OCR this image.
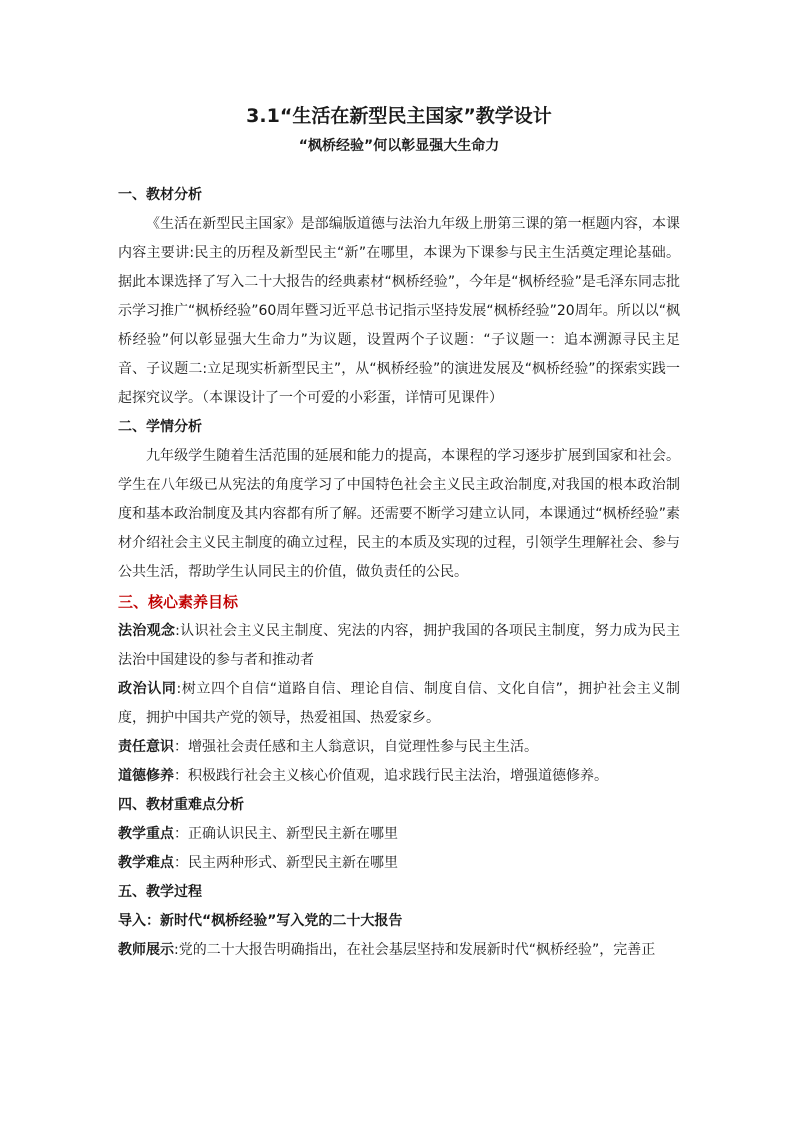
3.1“生活在新型民主国家”教学设计
“枫桥经验”何以彰显强大生命力

一、教材分析

《生活在新型民主国家》是部编版道德与法治九年级上册第三课的第一框题内容，本课内容主要讲:民主的历程及新型民主“新”在哪里，本课为下课参与民主生活奠定理论基础。据此本课选择了写入二十大报告的经典素材“枫桥经验”，今年是“枫桥经验”是毛泽东同志批示学习推广“枫桥经验”60周年暨习近平总书记指示坚持发展“枫桥经验”20周年。所以以“枫桥经验”何以彰显强大生命力”为议题，设置两个子议题：“子议题一：追本溯源寻民主足音、子议题二:立足现实析新型民主”，从“枫桥经验”的演进发展及“枫桥经验”的探索实践一起探究议学。（本课设计了一个可爱的小彩蛋，详情可见课件）

二、学情分析

九年级学生随着生活范围的延展和能力的提高，本课程的学习逐步扩展到国家和社会。学生在八年级已从宪法的角度学习了中国特色社会主义民主政治制度,对我国的根本政治制度和基本政治制度及其内容都有所了解。还需要不断学习建立认同，本课通过“枫桥经验”素材介绍社会主义民主制度的确立过程，民主的本质及实现的过程，引领学生理解社会、参与公共生活，帮助学生认同民主的价值，做负责任的公民。

三、核心素养目标

法治观念:认识社会主义民主制度、宪法的内容，拥护我国的各项民主制度，努力成为民主法治中国建设的参与者和推动者

政治认同:树立四个自信“道路自信、理论自信、制度自信、文化自信”，拥护社会主义制度，拥护中国共产党的领导，热爱祖国、热爱家乡。

责任意识：增强社会责任感和主人翁意识，自觉理性参与民主生活。

道德修养：积极践行社会主义核心价值观，追求践行民主法治，增强道德修养。

四、教材重难点分析

教学重点：正确认识民主、新型民主新在哪里

教学难点：民主两种形式、新型民主新在哪里

五、教学过程

导入：新时代“枫桥经验”写入党的二十大报告

教师展示:党的二十大报告明确指出，在社会基层坚持和发展新时代“枫桥经验”，完善正
